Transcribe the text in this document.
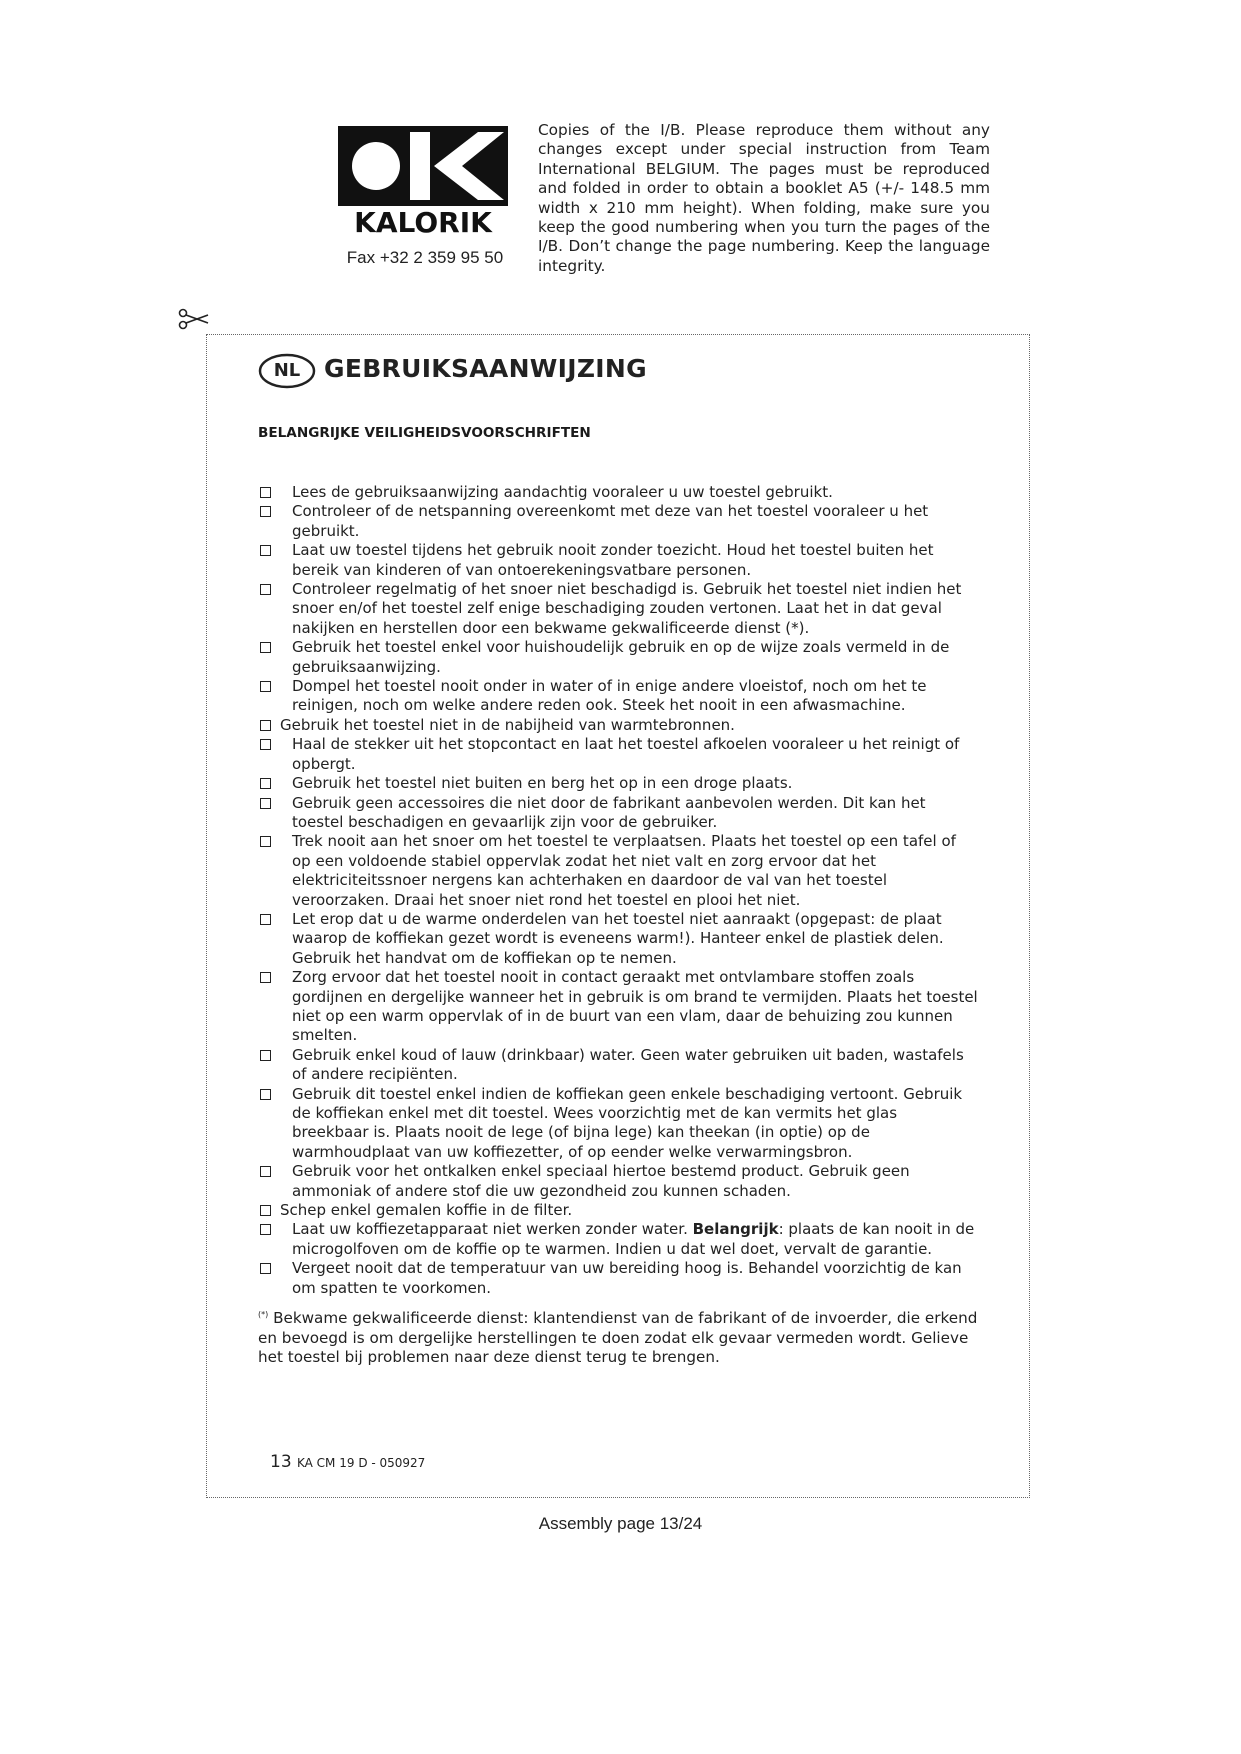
KALORIK
Fax +32 2 359 95 50
Copies of the I/B. Please reproduce them without any changes except under special instruction from Team International BELGIUM. The pages must be reproduced and folded in order to obtain a booklet A5 (+/- 148.5 mm width x 210 mm height). When folding, make sure you keep the good numbering when you turn the pages of the I/B. Don’t change the page numbering. Keep the language integrity.
NL GEBRUIKSAANWIJZING
BELANGRIJKE VEILIGHEIDSVOORSCHRIFTEN
Lees de gebruiksaanwijzing aandachtig vooraleer u uw toestel gebruikt.
Controleer of de netspanning overeenkomt met deze van het toestel vooraleer u het gebruikt.
Laat uw toestel tijdens het gebruik nooit zonder toezicht. Houd het toestel buiten het bereik van kinderen of van ontoerekeningsvatbare personen.
Controleer regelmatig of het snoer niet beschadigd is. Gebruik het toestel niet indien het snoer en/of het toestel zelf enige beschadiging zouden vertonen. Laat het in dat geval nakijken en herstellen door een bekwame gekwalificeerde dienst (*).
Gebruik het toestel enkel voor huishoudelijk gebruik en op de wijze zoals vermeld in de gebruiksaanwijzing.
Dompel het toestel nooit onder in water of in enige andere vloeistof, noch om het te reinigen, noch om welke andere reden ook. Steek het nooit in een afwasmachine.
Gebruik het toestel niet in de nabijheid van warmtebronnen.
Haal de stekker uit het stopcontact en laat het toestel afkoelen vooraleer u het reinigt of opbergt.
Gebruik het toestel niet buiten en berg het op in een droge plaats.
Gebruik geen accessoires die niet door de fabrikant aanbevolen werden. Dit kan het toestel beschadigen en gevaarlijk zijn voor de gebruiker.
Trek nooit aan het snoer om het toestel te verplaatsen. Plaats het toestel op een tafel of op een voldoende stabiel oppervlak zodat het niet valt en zorg ervoor dat het elektriciteitssnoer nergens kan achterhaken en daardoor de val van het toestel veroorzaken. Draai het snoer niet rond het toestel en plooi het niet.
Let erop dat u de warme onderdelen van het toestel niet aanraakt (opgepast: de plaat waarop de koffiekan gezet wordt is eveneens warm!). Hanteer enkel de plastiek delen. Gebruik het handvat om de koffiekan op te nemen.
Zorg ervoor dat het toestel nooit in contact geraakt met ontvlambare stoffen zoals gordijnen en dergelijke wanneer het in gebruik is om brand te vermijden. Plaats het toestel niet op een warm oppervlak of in de buurt van een vlam, daar de behuizing zou kunnen smelten.
Gebruik enkel koud of lauw (drinkbaar) water. Geen water gebruiken uit baden, wastafels of andere recipiënten.
Gebruik dit toestel enkel indien de koffiekan geen enkele beschadiging vertoont. Gebruik de koffiekan enkel met dit toestel. Wees voorzichtig met de kan vermits het glas breekbaar is. Plaats nooit de lege (of bijna lege) kan theekan (in optie) op de warmhoudplaat van uw koffiezetter, of op eender welke verwarmingsbron.
Gebruik voor het ontkalken enkel speciaal hiertoe bestemd product. Gebruik geen ammoniak of andere stof die uw gezondheid zou kunnen schaden.
Schep enkel gemalen koffie in de filter.
Laat uw koffiezetapparaat niet werken zonder water. Belangrijk: plaats de kan nooit in de microgolfoven om de koffie op te warmen. Indien u dat wel doet, vervalt de garantie.
Vergeet nooit dat de temperatuur van uw bereiding hoog is. Behandel voorzichtig de kan om spatten te voorkomen.
(*) Bekwame gekwalificeerde dienst: klantendienst van de fabrikant of de invoerder, die erkend en bevoegd is om dergelijke herstellingen te doen zodat elk gevaar vermeden wordt. Gelieve het toestel bij problemen naar deze dienst terug te brengen.
13 KA CM 19 D - 050927
Assembly page 13/24
